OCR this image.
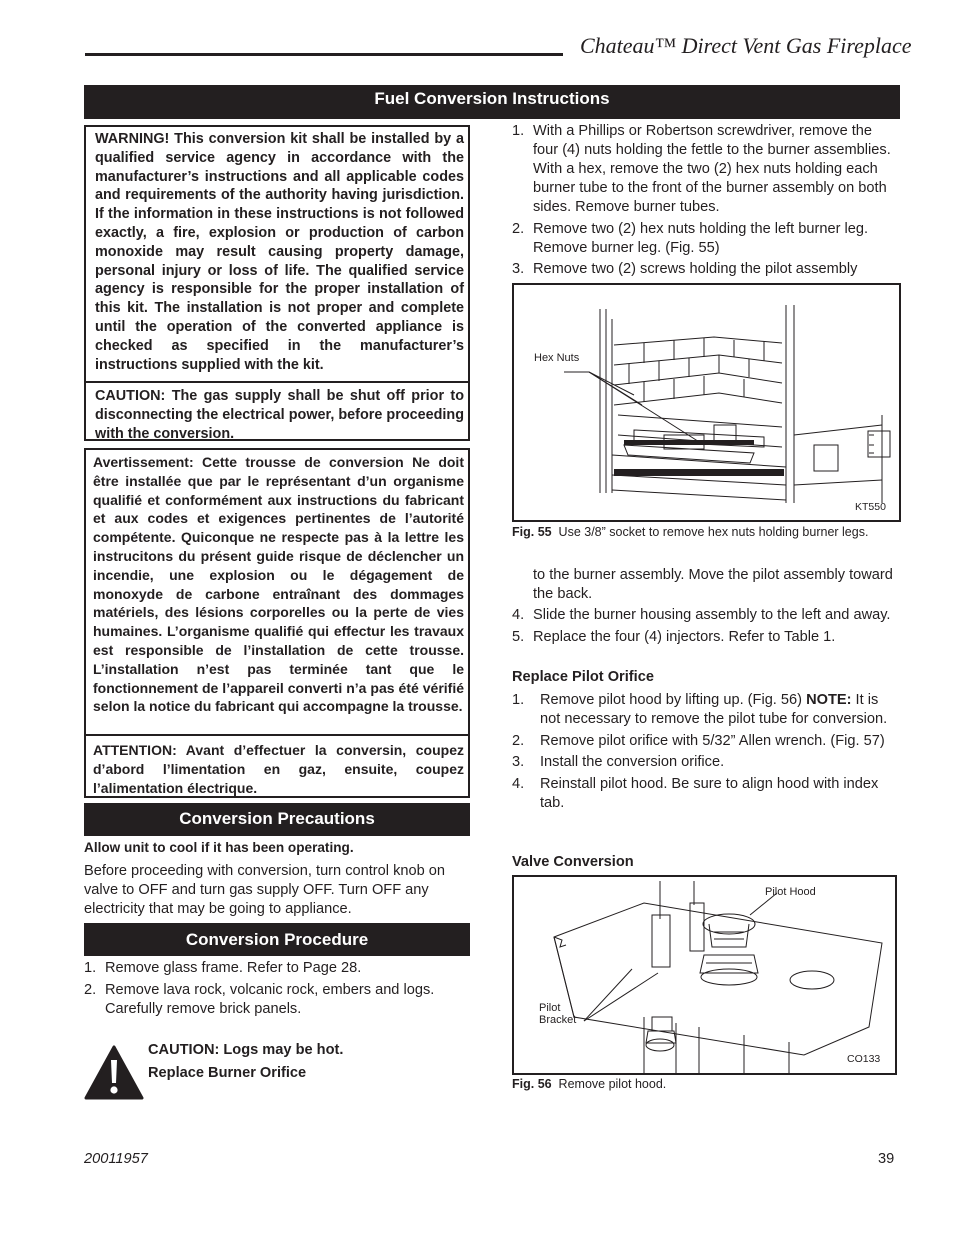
Chateau™ Direct Vent Gas Fireplace
Fuel Conversion Instructions
WARNING! This conversion kit shall be installed by a qualified service agency in accordance with the manufacturer’s instructions and all applicable codes and requirements of the authority having jurisdiction. If the information in these instructions is not followed exactly, a fire, explosion or production of carbon monoxide may result causing property damage, personal injury or loss of life. The qualified service agency is responsible for the proper installation of this kit. The installation is not proper and complete until the operation of the converted appliance is checked as specified in the manufacturer’s instructions supplied with the kit.
CAUTION: The gas supply shall be shut off prior to disconnecting the electrical power, before proceeding with the conversion.
Avertissement: Cette trousse de conversion Ne doit être installée que par le représentant d’un organisme qualifié et conformément aux instructions du fabricant et aux codes et exigences pertinentes de l’autorité compétente. Quiconque ne respecte pas à la lettre les instrucitons du présent guide risque de déclencher un incendie, une explosion ou le dégagement de monoxyde de carbone entraînant des dommages matériels, des lésions corporelles ou la perte de vies humaines. L’organisme qualifié qui effectur les travaux est responsible de l’installation de cette trousse. L’installation n’est pas terminée tant que le fonctionnement de l’appareil converti n’a pas été vérifié selon la notice du fabricant qui accompagne la trousse.
ATTENTION: Avant d’effectuer la conversin, coupez d’abord l’limentation en gaz, ensuite, coupez l’alimentation électrique.
Conversion Precautions
Allow unit to cool if it has been operating.
Before proceeding with conversion, turn control knob on valve to OFF and turn gas supply OFF. Turn OFF any electricity that may be going to appliance.
Conversion Procedure
1. Remove glass frame. Refer to Page 28.
2. Remove lava rock, volcanic rock, embers and logs. Carefully remove brick panels.
CAUTION: Logs may be hot.
Replace Burner Orifice
1. With a Phillips or Robertson screwdriver, remove the four (4) nuts holding the fettle to the burner assemblies. With a hex, remove the two (2) hex nuts holding each burner tube to the front of the burner assembly on both sides. Remove burner tubes.
2. Remove two (2) hex nuts holding the left burner leg. Remove burner leg. (Fig. 55)
3. Remove two (2) screws holding the pilot assembly
Hex Nuts
KT550
Fig. 55 Use 3/8” socket to remove hex nuts holding burner legs.
to the burner assembly. Move the pilot assembly toward the back.
4. Slide the burner housing assembly to the left and away.
5. Replace the four (4) injectors. Refer to Table 1.
Replace Pilot Orifice
1. Remove pilot hood by lifting up. (Fig. 56) NOTE: It is not necessary to remove the pilot tube for conversion.
2. Remove pilot orifice with 5/32” Allen wrench. (Fig. 57)
3. Install the conversion orifice.
4. Reinstall pilot hood. Be sure to align hood with index tab.
Valve Conversion
Pilot Hood
Pilot Bracket
CO133
Fig. 56 Remove pilot hood.
20011957	39
